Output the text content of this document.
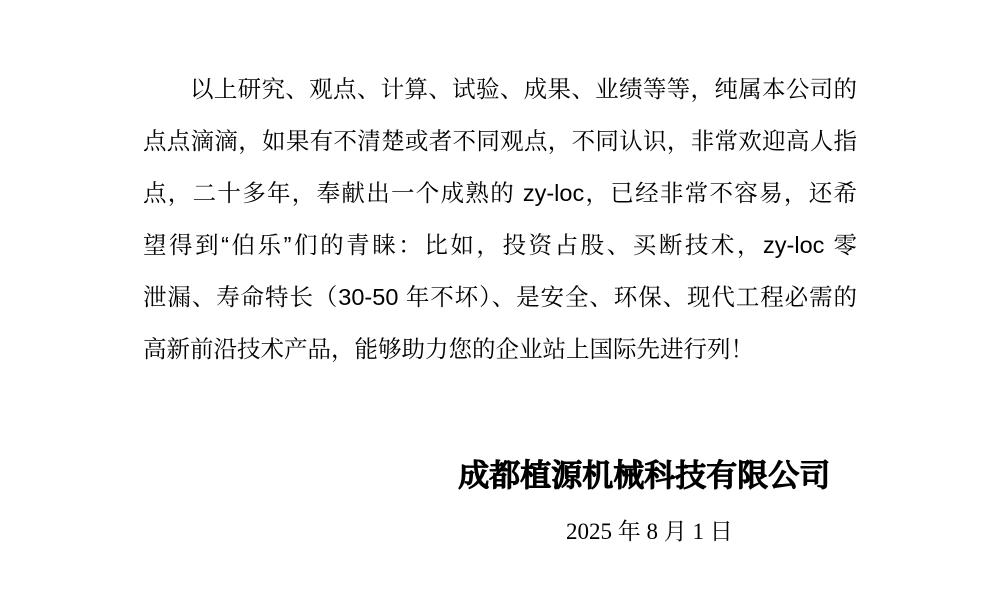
以上研究、观点、计算、试验、成果、业绩等等，纯属本公司的
点点滴滴，如果有不清楚或者不同观点，不同认识，非常欢迎高人指
点，二十多年，奉献出一个成熟的 zy-loc，已经非常不容易，还希
望得到“伯乐”们的青睐：比如，投资占股、买断技术，zy-loc 零
泄漏、寿命特长（30-50 年不坏）、是安全、环保、现代工程必需的
高新前沿技术产品，能够助力您的企业站上国际先进行列！
成都植源机械科技有限公司
2025 年 8 月 1 日
